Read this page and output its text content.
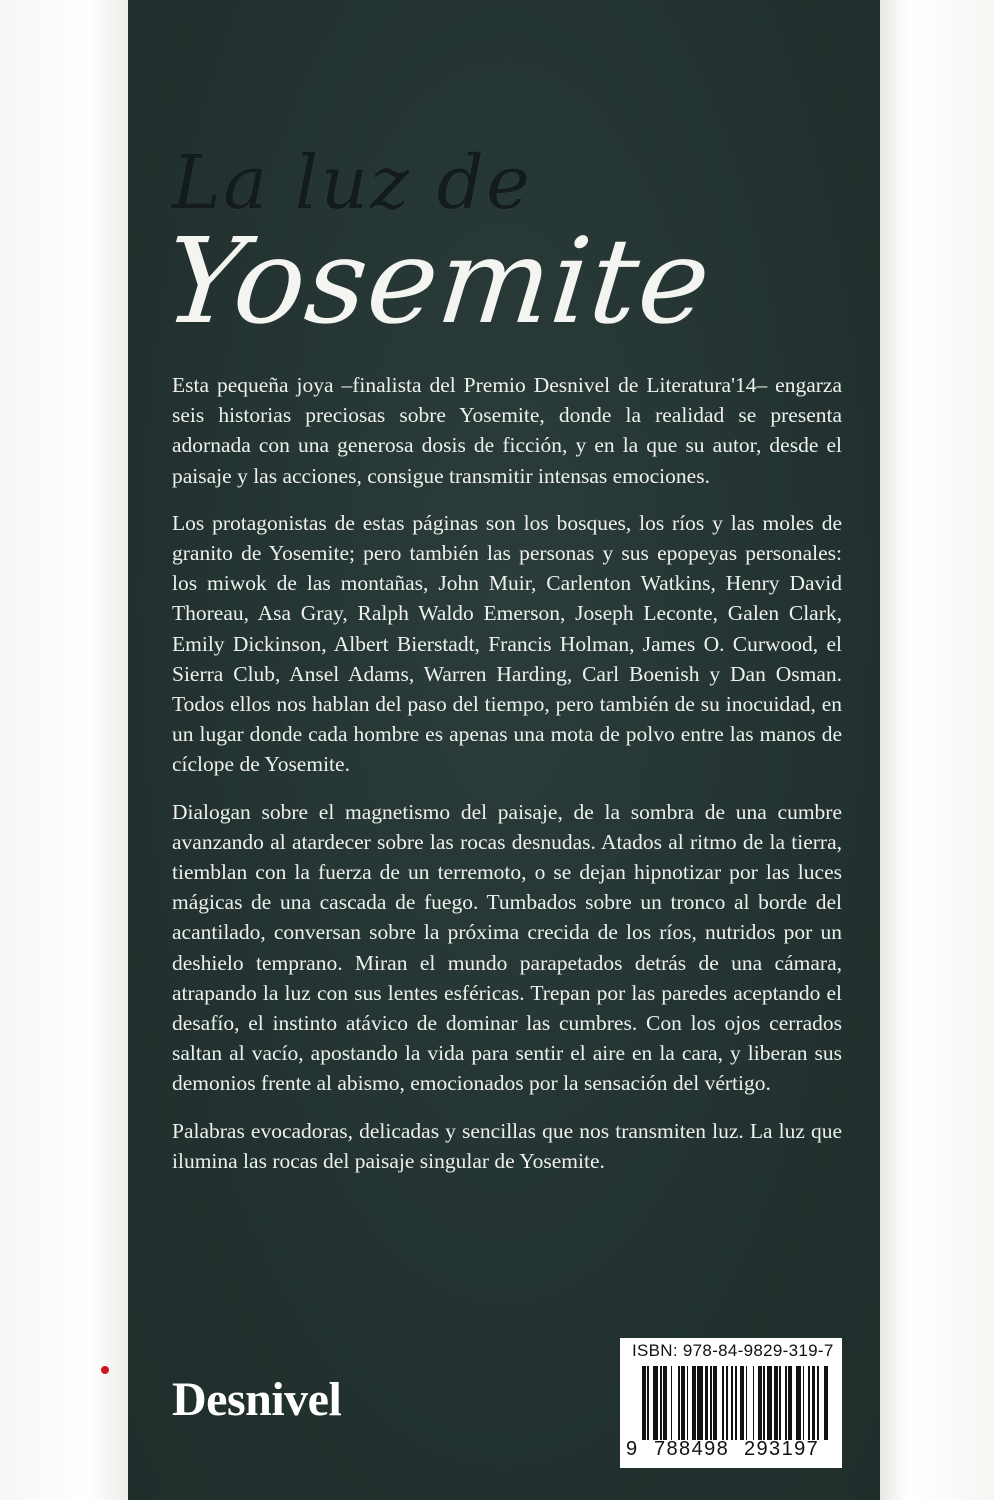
La luz de
Yosemite

Esta pequeña joya –finalista del Premio Desnivel de Literatura'14– engarza seis historias preciosas sobre Yosemite, donde la realidad se presenta adornada con una generosa dosis de ficción, y en la que su autor, desde el paisaje y las acciones, consigue transmitir intensas emociones.

Los protagonistas de estas páginas son los bosques, los ríos y las moles de granito de Yosemite; pero también las personas y sus epopeyas personales: los miwok de las montañas, John Muir, Carlenton Watkins, Henry David Thoreau, Asa Gray, Ralph Waldo Emerson, Joseph Leconte, Galen Clark, Emily Dickinson, Albert Bierstadt, Francis Holman, James O. Curwood, el Sierra Club, Ansel Adams, Warren Harding, Carl Boenish y Dan Osman. Todos ellos nos hablan del paso del tiempo, pero también de su inocuidad, en un lugar donde cada hombre es apenas una mota de polvo entre las manos de cíclope de Yosemite.

Dialogan sobre el magnetismo del paisaje, de la sombra de una cumbre avanzando al atardecer sobre las rocas desnudas. Atados al ritmo de la tierra, tiemblan con la fuerza de un terremoto, o se dejan hipnotizar por las luces mágicas de una cascada de fuego. Tumbados sobre un tronco al borde del acantilado, conversan sobre la próxima crecida de los ríos, nutridos por un deshielo temprano. Miran el mundo parapetados detrás de una cámara, atrapando la luz con sus lentes esféricas. Trepan por las paredes aceptando el desafío, el instinto atávico de dominar las cumbres. Con los ojos cerrados saltan al vacío, apostando la vida para sentir el aire en la cara, y liberan sus demonios frente al abismo, emocionados por la sensación del vértigo.

Palabras evocadoras, delicadas y sencillas que nos transmiten luz. La luz que ilumina las rocas del paisaje singular de Yosemite.

Desnivel
ISBN: 978-84-9829-319-7
9 788498 293197
